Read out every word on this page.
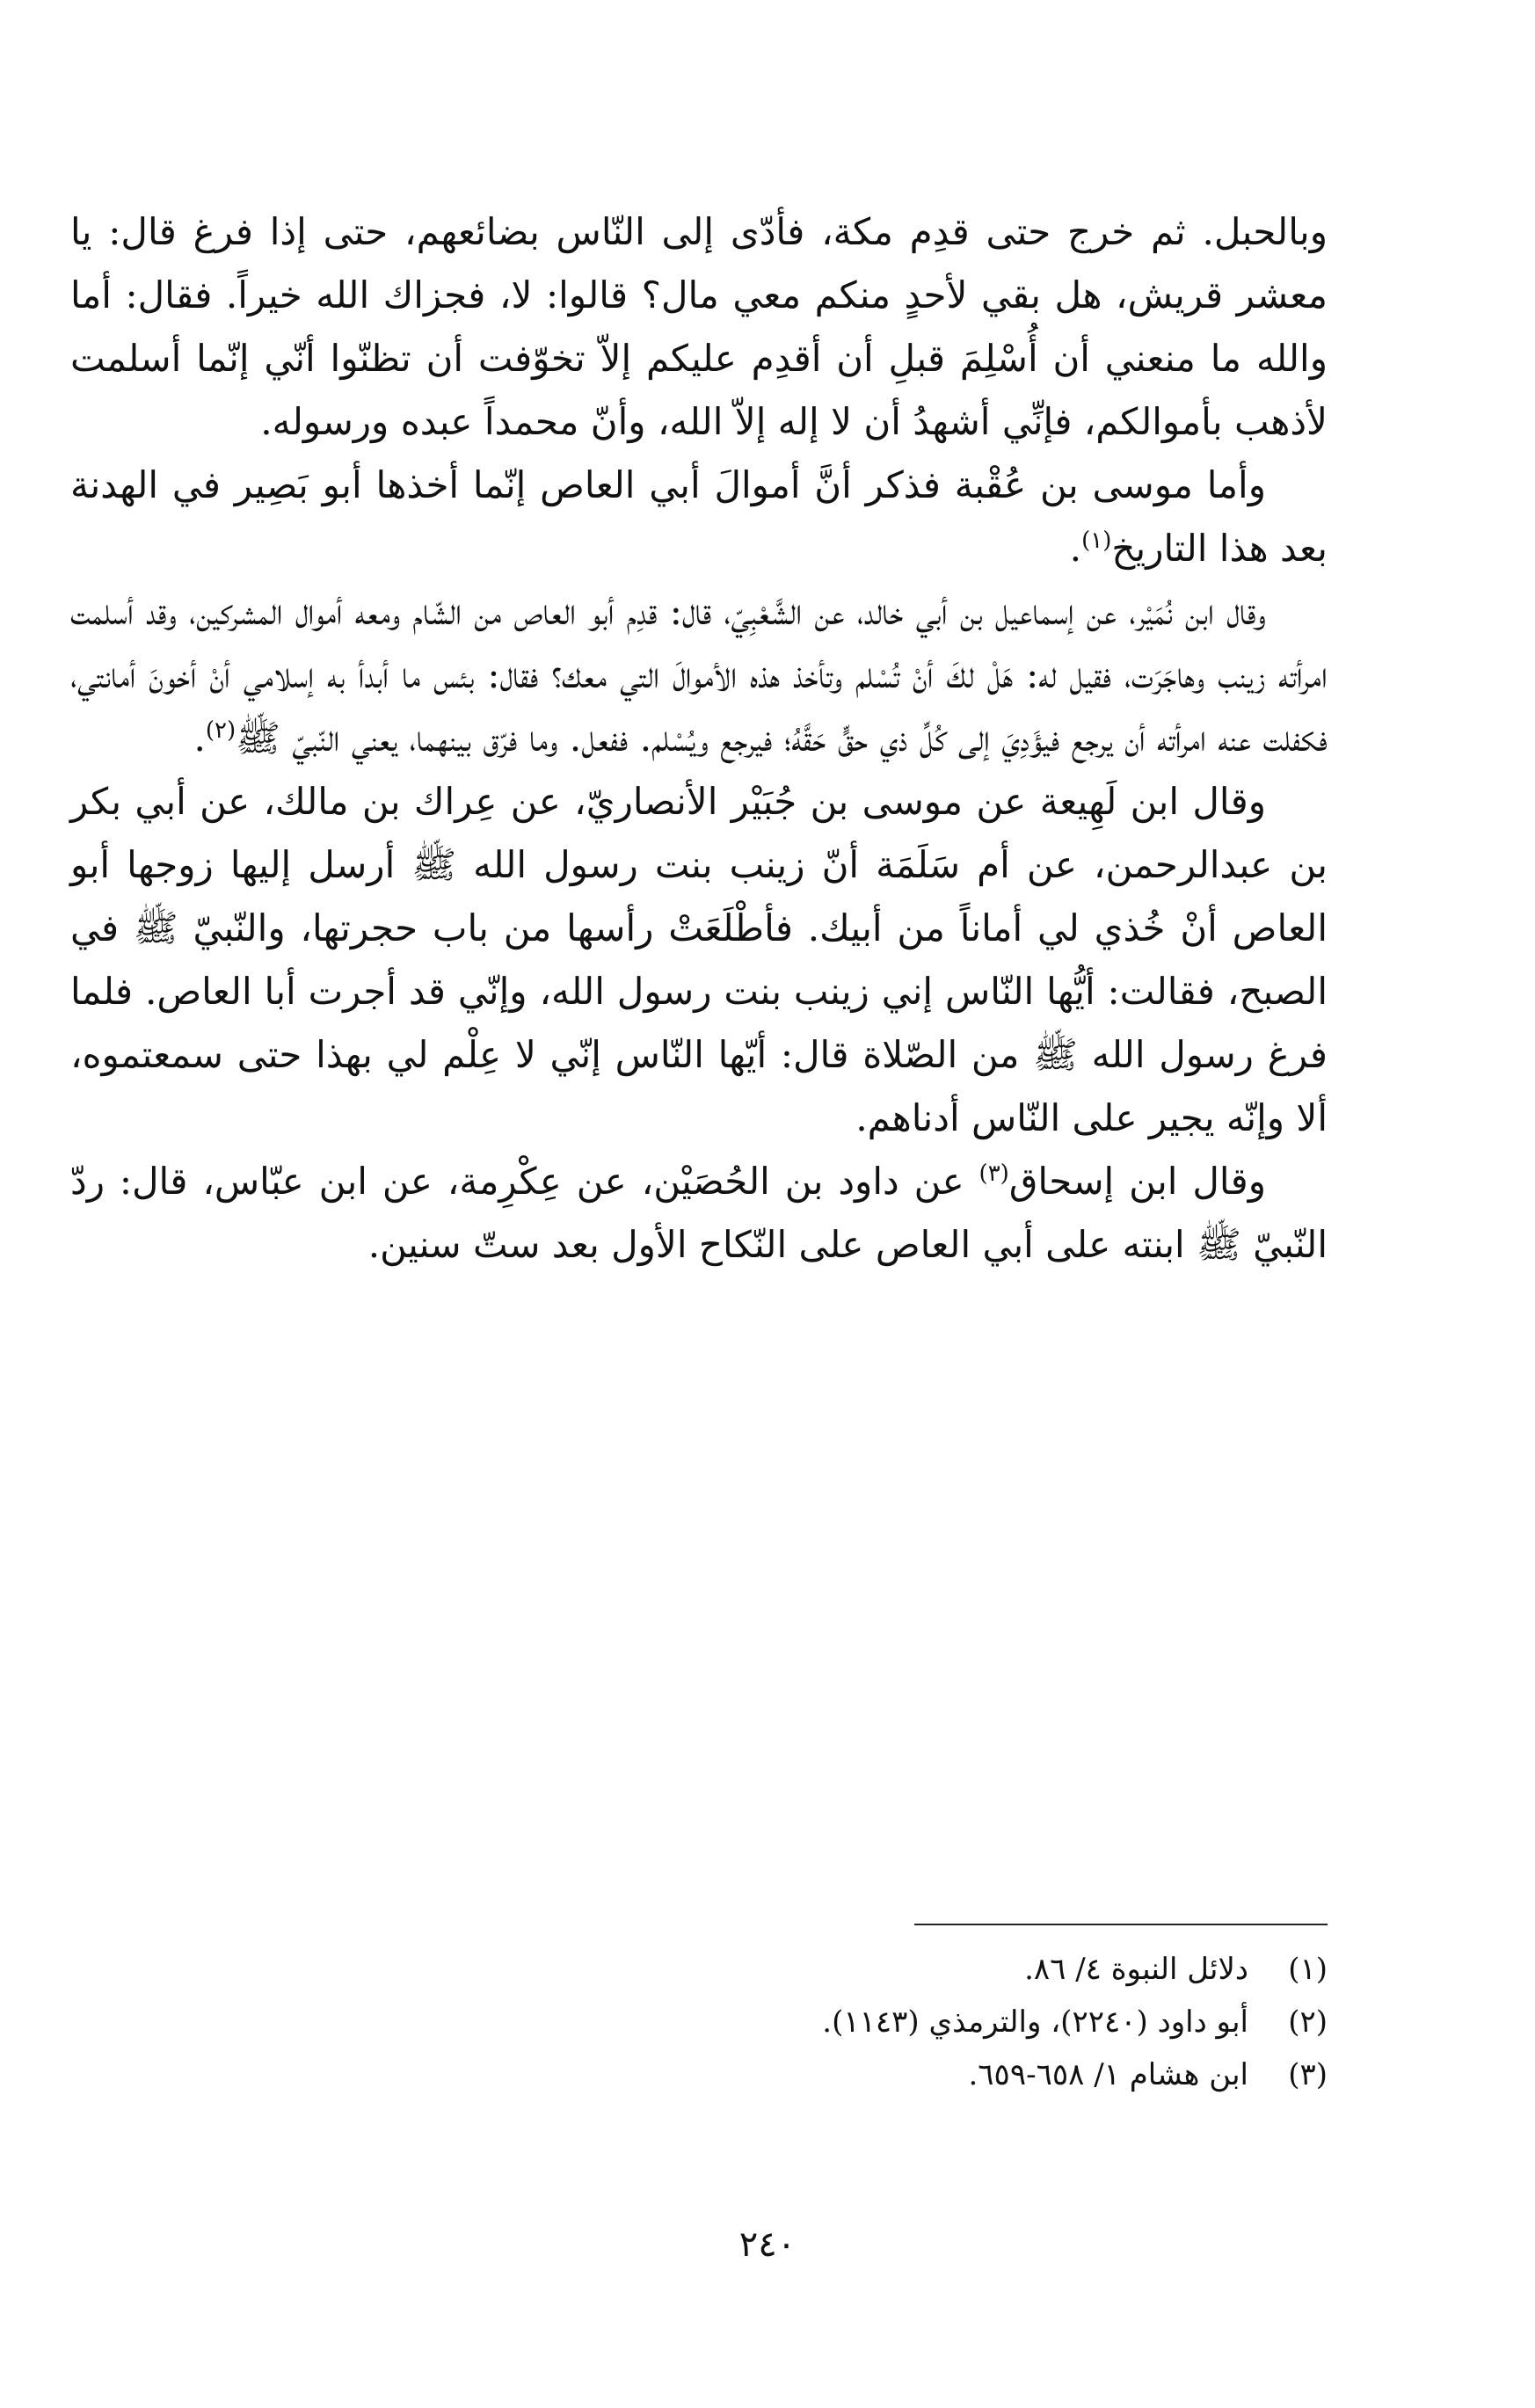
وبالحبل. ثم خرج حتى قدِم مكة، فأدّى إلى النّاس بضائعهم، حتى إذا فرغ قال: يا معشر قريش، هل بقي لأحدٍ منكم معي مال؟ قالوا: لا، فجزاك الله خيراً. فقال: أما والله ما منعني أن أُسْلِمَ قبلِ أن أقدِم عليكم إلاّ تخوّفت أن تظنّوا أنّي إنّما أسلمت لأذهب بأموالكم، فإنِّي أشهدُ أن لا إله إلاّ الله، وأنّ محمداً عبده ورسوله.

وأما موسى بن عُقْبة فذكر أنَّ أموالَ أبي العاص إنّما أخذها أبو بَصِير في الهدنة بعد هذا التاريخ$^{(١)}$.

وقال ابن نُمَيْر، عن إسماعيل بن أبي خالد، عن الشَّعْبِيّ، قال: قدِم أبو العاص من الشّام ومعه أموال المشركين، وقد أسلمت امرأته زينب وهاجَرَت، فقيل له: هَلْ لكَ أنْ تُسْلم وتأخذ هذه الأموالَ التي معك؟ فقال: بئس ما أبدأ به إسلامي أنْ أخونَ أمانتي، فكفلت عنه امرأته أن يرجع فيؤَدِيَ إلى كُلِّ ذي حقٍّ حَقَّهُ؛ فيرجع ويُسْلم. ففعل. وما فرّق بينهما، يعني النّبيّ ﷺ$^{(٢)}$.

وقال ابن لَهِيعة عن موسى بن جُبَيْر الأنصاريّ، عن عِراك بن مالك، عن أبي بكر بن عبدالرحمن، عن أم سَلَمَة أنّ زينب بنت رسول الله ﷺ أرسل إليها زوجها أبو العاص أنْ خُذي لي أماناً من أبيك. فأطْلَعَتْ رأسها من باب حجرتها، والنّبيّ ﷺ في الصبح، فقالت: أيُّها النّاس إني زينب بنت رسول الله، وإنّي قد أجرت أبا العاص. فلما فرغ رسول الله ﷺ من الصّلاة قال: أيّها النّاس إنّي لا عِلْم لي بهذا حتى سمعتموه، ألا وإنّه يجير على النّاس أدناهم.

وقال ابن إسحاق$^{(٣)}$ عن داود بن الحُصَيْن، عن عِكْرِمة، عن ابن عبّاس، قال: ردّ النّبيّ ﷺ ابنته على أبي العاص على النّكاح الأول بعد ستّ سنين.

(١)
دلائل النبوة ٤/ ٨٦.
(٢)
أبو داود (٢٢٤٠)، والترمذي (١١٤٣).
(٣)
ابن هشام ١/ ٦٥٨-٦٥٩.
٢٤٠
